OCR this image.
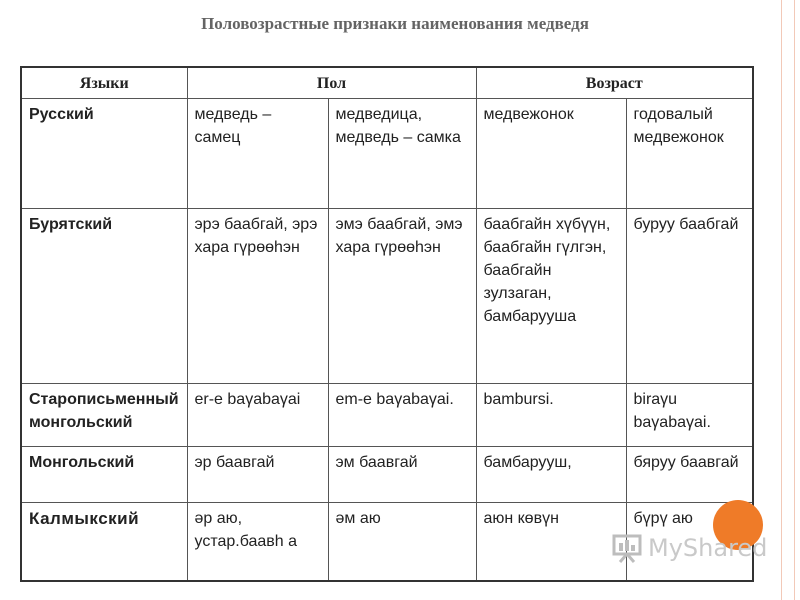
Половозрастные признаки наименования медведя
Языки	Пол		Возраст	
Русский	медведь – самец	медведица, медведь – самка	медвежонок	годовалый медвежонок
Бурятский	эрэ баабгай, эрэ хара гүрөөhэн	эмэ баабгай, эмэ хара гүрөөhэн	баабгайн хүбүүн, баабгайн гүлгэн, баабгайн зулзаган, бамбаруушa	буруу баабгай
Старописьменный монгольский	er-e baγabaγai	em-e baγabaγai.	bambursi.	biraγu baγabaγai.
Монгольский	эр баавгай	эм баавгай	бамбарууш,	бяруу баавгай
Калмыкский	әр аю, устар.баавh а	әм аю	аюн көвүн	бүрү аю
MyShared
